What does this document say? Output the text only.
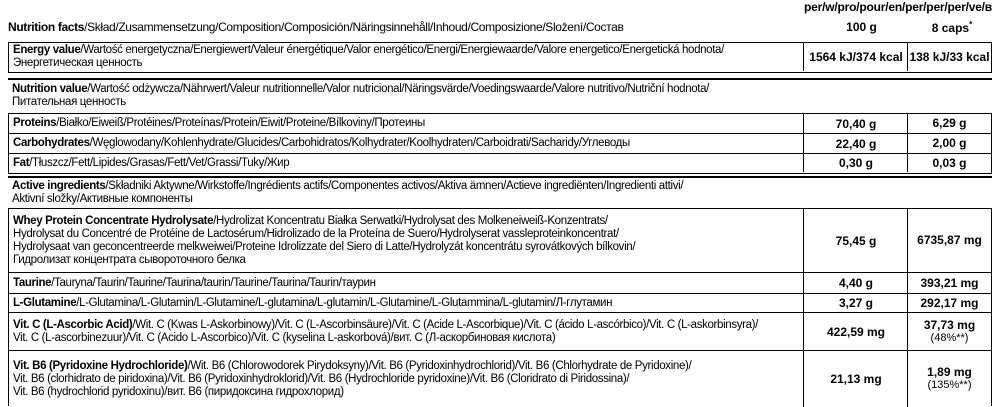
per/w/pro/pour/en/per/per/per/ve/в
Nutrition facts/Skład/Zusammensetzung/Composition/Composición/Näringsinnehåll/Inhoud/Composizione/Složení/Состав	100 g	8 caps*
Energy value/Wartość energetyczna/Energiewert/Valeur énergétique/Valor energético/Energi/Energiewaarde/Valore energetico/Energetická hodnota/
Энергетическая ценность	1564 kJ/374 kcal 138 kJ/33 kcal
Nutrition value/Wartość odżywcza/Nährwert/Valeur nutritionnelle/Valor nutricional/Näringsvärde/Voedingswaarde/Valore nutritivo/Nutriční hodnota/
Питательная ценность
Proteins/Białko/Eiweiß/Protéines/Proteínas/Protein/Eiwit/Proteine/Bílkoviny/Протеины	70,40 g	6,29 g
Carbohydrates/Węglowodany/Kohlenhydrate/Glucides/Carbohidratos/Kolhydrater/Koolhydraten/Carboidrati/Sacharidy/Углеводы	22,40 g	2,00 g
Fat/Tłuszcz/Fett/Lipides/Grasas/Fett/Vet/Grassi/Tuky/Жир	0,30 g	0,03 g
Active ingredients/Składniki Aktywne/Wirkstoffe/Ingrédients actifs/Componentes activos/Aktiva ämnen/Actieve ingrediënten/Ingredienti attivi/
Aktivní složky/Активные компоненты
Whey Protein Concentrate Hydrolysate/Hydrolizat Koncentratu Białka Serwatki/Hydrolysat des Molkeneiweiß-Konzentrats/
Hydrolysat du Concentré de Protéine de Lactosérum/Hidrolizado de la Proteína de Suero/Hydrolyserat vassleproteinkoncentrat/
Hydrolysaat van geconcentreerde melkweiwei/Proteine Idrolizzate del Siero di Latte/Hydrolyzát koncentrátu syrovátkových bílkovin/
Гидролизат концентрата сывороточного белка
75,45 g	6735,87 mg
Taurine/Tauryna/Taurin/Taurine/Taurina/taurin/Taurine/Taurina/Taurin/таурин	4,40 g	393,21 mg
L-Glutamine/L-Glutamina/L-Glutamin/L-Glutamine/L-glutamina/L-glutamin/L-Glutamine/L-Glutammina/L-glutamin/Л-глутамин	3,27 g	292,17 mg
Vit. C (L-Ascorbic Acid)/Wit. C (Kwas L-Askorbinowy)/Vit. C (L-Ascorbinsäure)/Vit. C (Acide L-Ascorbique)/Vit. C (ácido L-ascórbico)/Vit. C (L-askorbinsyra)/
Vit. C (L-ascorbinezuur)/Vit. C (Acido L-Ascorbico)/Vit. C (kyselina L-askorbová)/вит. C (Л-аскорбиновая кислота)	422,59 mg	37,73 mg
(48%**)
Vit. B6 (Pyridoxine Hydrochloride)/Wit. B6 (Chlorowodorek Pirydoksyny)/Vit. B6 (Pyridoxinhydrochlorid)/Vit. B6 (Chlorhydrate de Pyridoxine)/
Vit. B6 (clorhidrato de piridoxina)/Vit. B6 (Pyridoxinhydroklorid)/Vit. B6 (Hydrochloride pyridoxine)/Vit. B6 (Cloridrato di Piridossina)/
Vit. B6 (hydrochlorid pyridoxinu)/вит. B6 (пиридоксина гидрохлорид)
21,13 mg	1,89 mg
(135%**)
